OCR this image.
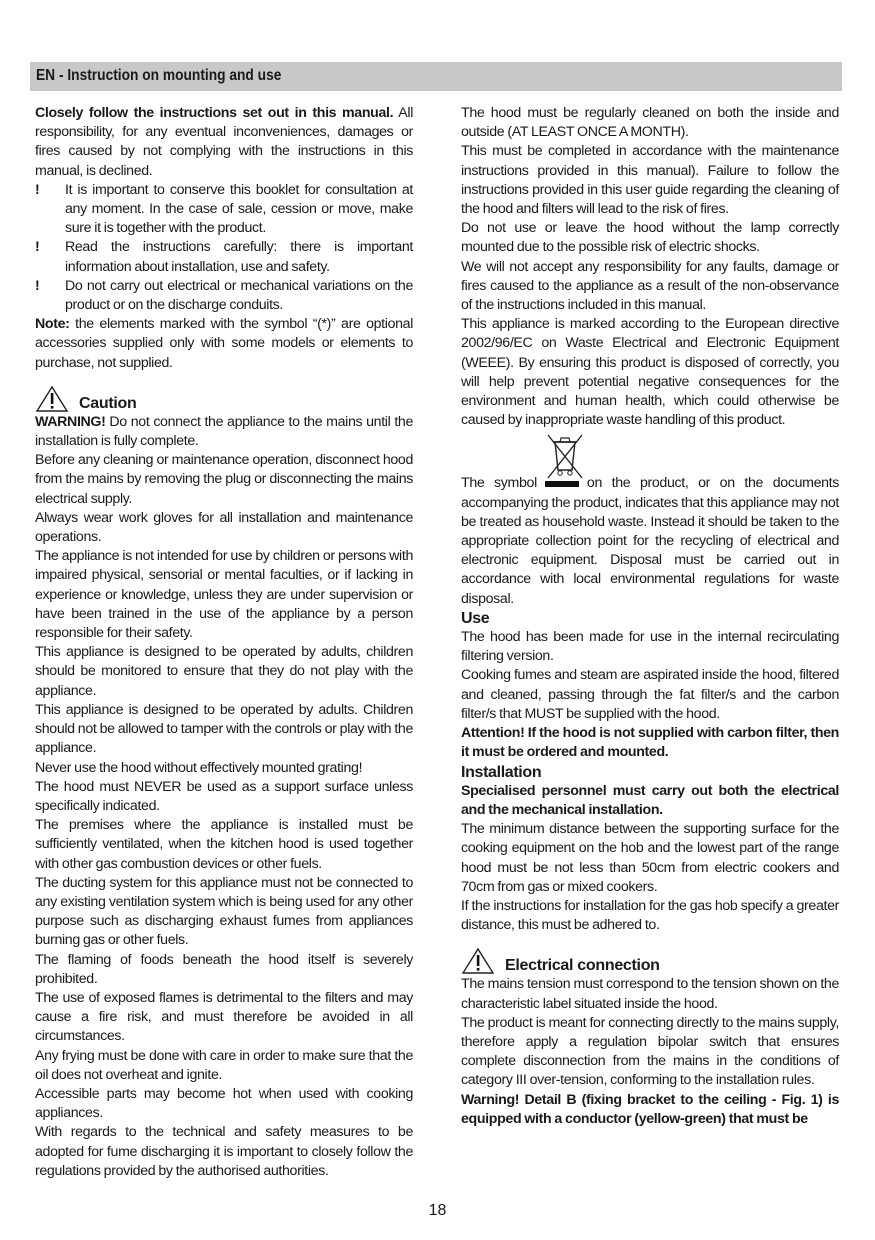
EN - Instruction on mounting and use

Closely follow the instructions set out in this manual. All responsibility, for any eventual inconveniences, damages or fires caused by not complying with the instructions in this manual, is declined.

! It is important to conserve this booklet for consultation at any moment. In the case of sale, cession or move, make sure it is together with the product.

! Read the instructions carefully: there is important information about installation, use and safety.

! Do not carry out electrical or mechanical variations on the product or on the discharge conduits.

Note: the elements marked with the symbol “(*)” are optional accessories supplied only with some models or elements to purchase, not supplied.

Caution

WARNING! Do not connect the appliance to the mains until the installation is fully complete.

Before any cleaning or maintenance operation, disconnect hood from the mains by removing the plug or disconnecting the mains electrical supply.

Always wear work gloves for all installation and maintenance operations.

The appliance is not intended for use by children or persons with impaired physical, sensorial or mental faculties, or if lacking in experience or knowledge, unless they are under supervision or have been trained in the use of the appliance by a person responsible for their safety.

This appliance is designed to be operated by adults, children should be monitored to ensure that they do not play with the appliance.

This appliance is designed to be operated by adults. Children should not be allowed to tamper with the controls or play with the appliance.

Never use the hood without effectively mounted grating!

The hood must NEVER be used as a support surface unless specifically indicated.

The premises where the appliance is installed must be sufficiently ventilated, when the kitchen hood is used together with other gas combustion devices or other fuels.

The ducting system for this appliance must not be connected to any existing ventilation system which is being used for any other purpose such as discharging exhaust fumes from appliances burning gas or other fuels.

The flaming of foods beneath the hood itself is severely prohibited.

The use of exposed flames is detrimental to the filters and may cause a fire risk, and must therefore be avoided in all circumstances.

Any frying must be done with care in order to make sure that the oil does not overheat and ignite.

Accessible parts may become hot when used with cooking appliances.

With regards to the technical and safety measures to be adopted for fume discharging it is important to closely follow the regulations provided by the authorised authorities.

The hood must be regularly cleaned on both the inside and outside (AT LEAST ONCE A MONTH).

This must be completed in accordance with the maintenance instructions provided in this manual). Failure to follow the instructions provided in this user guide regarding the cleaning of the hood and filters will lead to the risk of fires.

Do not use or leave the hood without the lamp correctly mounted due to the possible risk of electric shocks.

We will not accept any responsibility for any faults, damage or fires caused to the appliance as a result of the non-observance of the instructions included in this manual.

This appliance is marked according to the European directive 2002/96/EC on Waste Electrical and Electronic Equipment (WEEE). By ensuring this product is disposed of correctly, you will help prevent potential negative consequences for the environment and human health, which could otherwise be caused by inappropriate waste handling of this product.

The symbol	on the product, or on the documents accompanying the product, indicates that this appliance may not be treated as household waste. Instead it should be taken to the appropriate collection point for the recycling of electrical and electronic equipment. Disposal must be carried out in accordance with local environmental regulations for waste disposal.

Use

The hood has been made for use in the internal recirculating filtering version.

Cooking fumes and steam are aspirated inside the hood, filtered and cleaned, passing through the fat filter/s and the carbon filter/s that MUST be supplied with the hood.

Attention! If the hood is not supplied with carbon filter, then it must be ordered and mounted.

Installation

Specialised personnel must carry out both the electrical and the mechanical installation.

The minimum distance between the supporting surface for the cooking equipment on the hob and the lowest part of the range hood must be not less than 50cm from electric cookers and 70cm from gas or mixed cookers.

If the instructions for installation for the gas hob specify a greater distance, this must be adhered to.

Electrical connection

The mains tension must correspond to the tension shown on the characteristic label situated inside the hood.

The product is meant for connecting directly to the mains supply, therefore apply a regulation bipolar switch that ensures complete disconnection from the mains in the conditions of category III over-tension, conforming to the installation rules.

Warning! Detail B (fixing bracket to the ceiling - Fig. 1) is equipped with a conductor (yellow-green) that must be

18
